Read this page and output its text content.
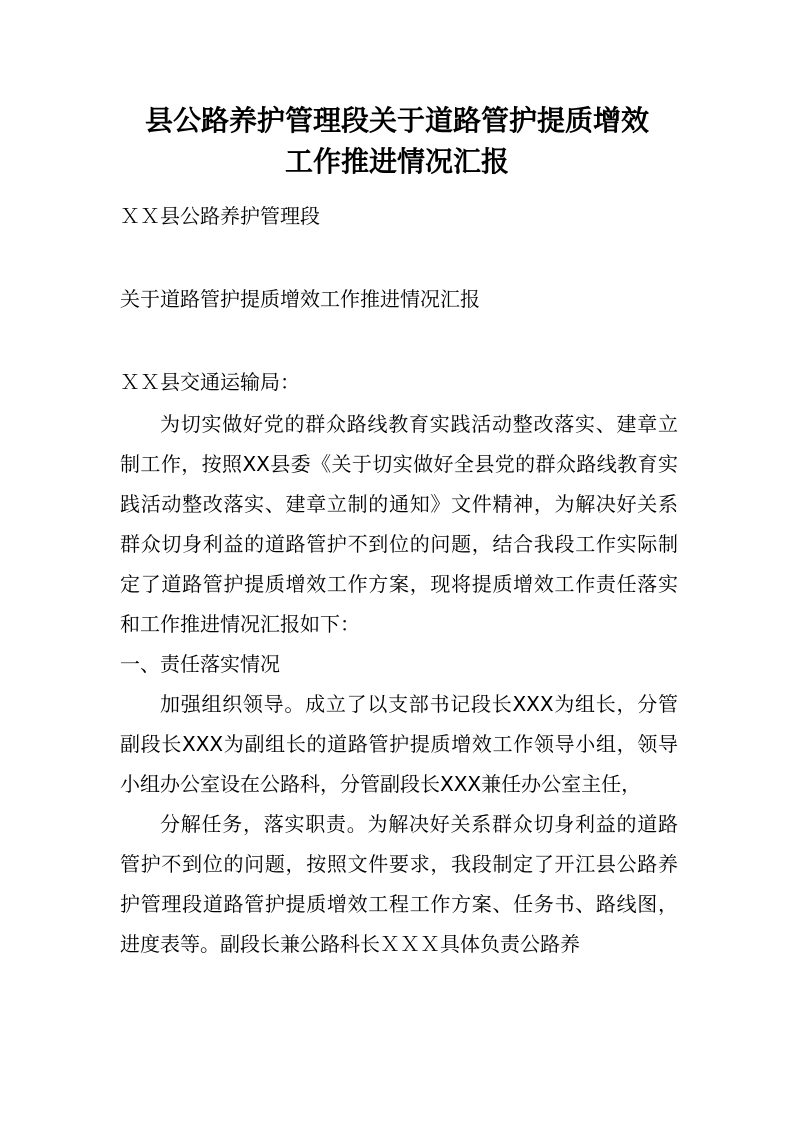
县公路养护管理段关于道路管护提质增效
工作推进情况汇报

ＸＸ县公路养护管理段

关于道路管护提质增效工作推进情况汇报

ＸＸ县交通运输局：

为切实做好党的群众路线教育实践活动整改落实、建章立制工作，按照XX县委《关于切实做好全县党的群众路线教育实践活动整改落实、建章立制的通知》文件精神，为解决好关系群众切身利益的道路管护不到位的问题，结合我段工作实际制定了道路管护提质增效工作方案，现将提质增效工作责任落实和工作推进情况汇报如下：

一、责任落实情况

加强组织领导。成立了以支部书记段长XXX为组长，分管副段长XXX为副组长的道路管护提质增效工作领导小组，领导小组办公室设在公路科，分管副段长XXX兼任办公室主任，

分解任务，落实职责。为解决好关系群众切身利益的道路管护不到位的问题，按照文件要求，我段制定了开江县公路养护管理段道路管护提质增效工程工作方案、任务书、路线图，进度表等。副段长兼公路科长ＸＸＸ具体负责公路养
